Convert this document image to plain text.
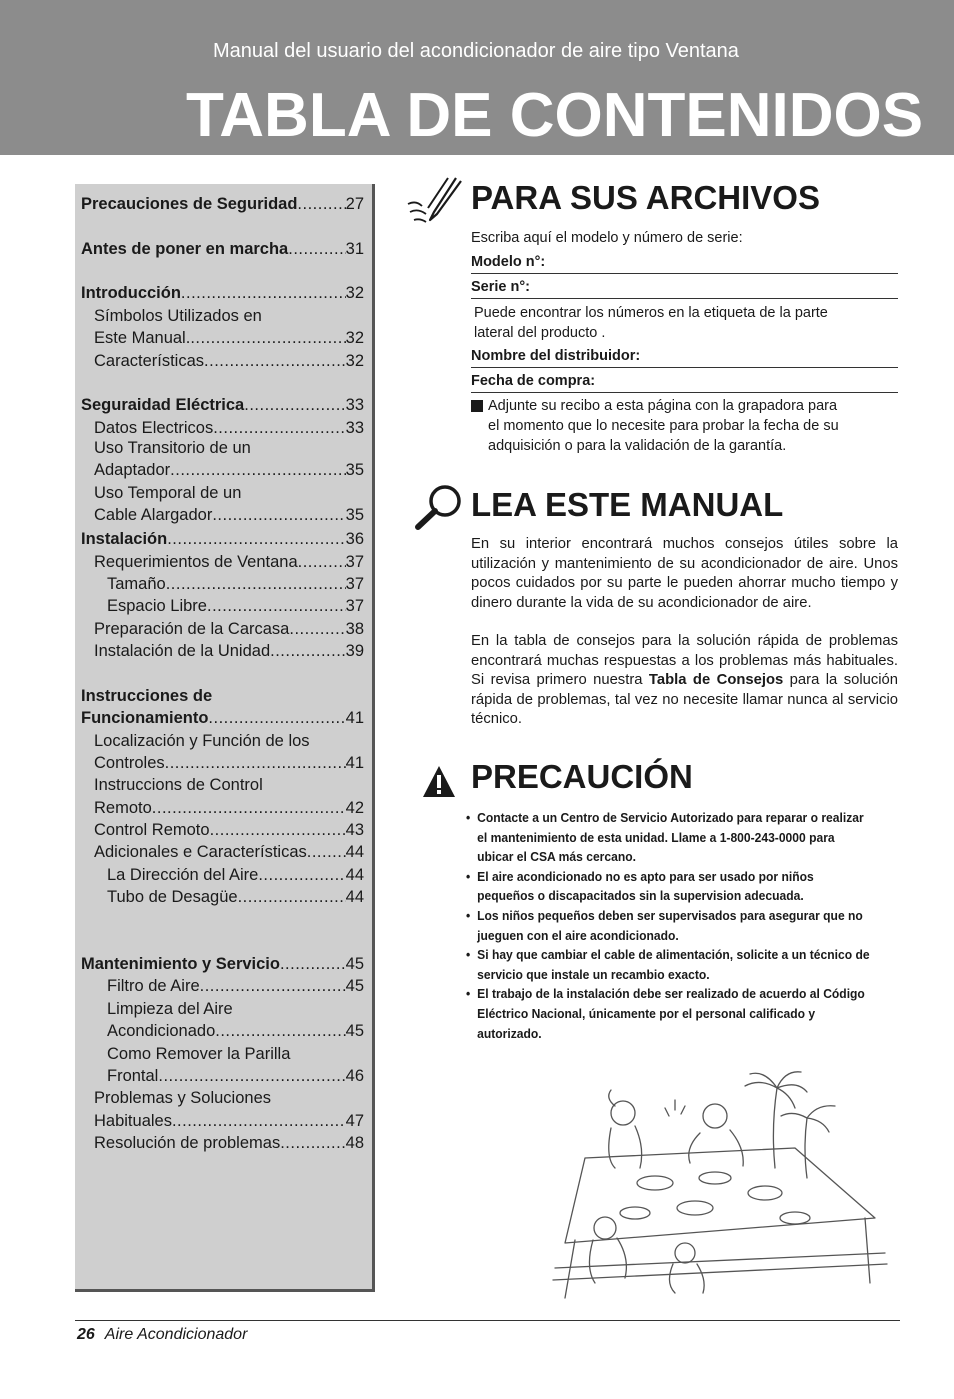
Manual del usuario del acondicionador de aire tipo Ventana
TABLA DE CONTENIDOS
Precauciones de Seguridad .....	27
Antes de poner en marcha .....	31
Introducción .....	32
Símbolos Utilizados en
Este Manual. .....	32
Características .....	32
Seguraidad Eléctrica .....	33
Datos Electricos .....	33
Uso Transitorio de un
Adaptador .....	35
Uso Temporal de un
Cable Alargador .....	35
Instalación .....	36
Requerimientos de Ventana .....	37
Tamaño .....	37
Espacio Libre .....	37
Preparación de la Carcasa .....	38
Instalación de la Unidad .....	39
Instrucciones de
Funcionamiento .....	41
Localización y Función de los
Controles .....	41
Instruccions de Control
Remoto .....	42
Control Remoto .....	43
Adicionales e Características ..... 44
La Dirección del Aire .....	44
Tubo de Desagüe .....	44
Mantenimiento y Servicio .....	45
Filtro de Aire .....	45
Limpieza del Aire
Acondicionado .....	45
Como Remover la Parilla
Frontal .....	46
Problemas y Soluciones
Habituales .....	47
Resolución de problemas .....	48
PARA SUS ARCHIVOS
Escriba aquí el modelo y número de serie:
Modelo n°:
Serie n°:
Puede encontrar los números en la etiqueta de la parte
lateral del producto .
Nombre del distribuidor:
Fecha de compra:
Adjunte su recibo a esta página con la grapadora para
el momento que lo necesite para probar la fecha de su
adquisición o para la validación de la garantía.
LEA ESTE MANUAL
En su interior encontrará muchos consejos útiles sobre la utilización y mantenimiento de su acondicionador de aire. Unos pocos cuidados por su parte le pueden ahorrar mucho tiempo y dinero durante la vida de su acondicionador de aire.
En la tabla de consejos para la solución rápida de problemas encontrará muchas respuestas a los problemas más habituales. Si revisa primero nuestra Tabla de Consejos para la solución rápida de problemas, tal vez no necesite llamar nunca al servicio técnico.
PRECAUCIÓN
• Contacte a un Centro de Servicio Autorizado para reparar o realizar el mantenimiento de esta unidad. Llame a 1-800-243-0000 para ubicar el CSA más cercano.
• El aire acondicionado no es apto para ser usado por niños pequeños o discapacitados sin la supervision adecuada.
• Los niños pequeños deben ser supervisados para asegurar que no jueguen con el aire acondicionado.
• Si hay que cambiar el cable de alimentación, solicite a un técnico de servicio que instale un recambio exacto.
• El trabajo de la instalación debe ser realizado de acuerdo al Código Eléctrico Nacional, únicamente por el personal calificado y autorizado.
26 Aire Acondicionador
